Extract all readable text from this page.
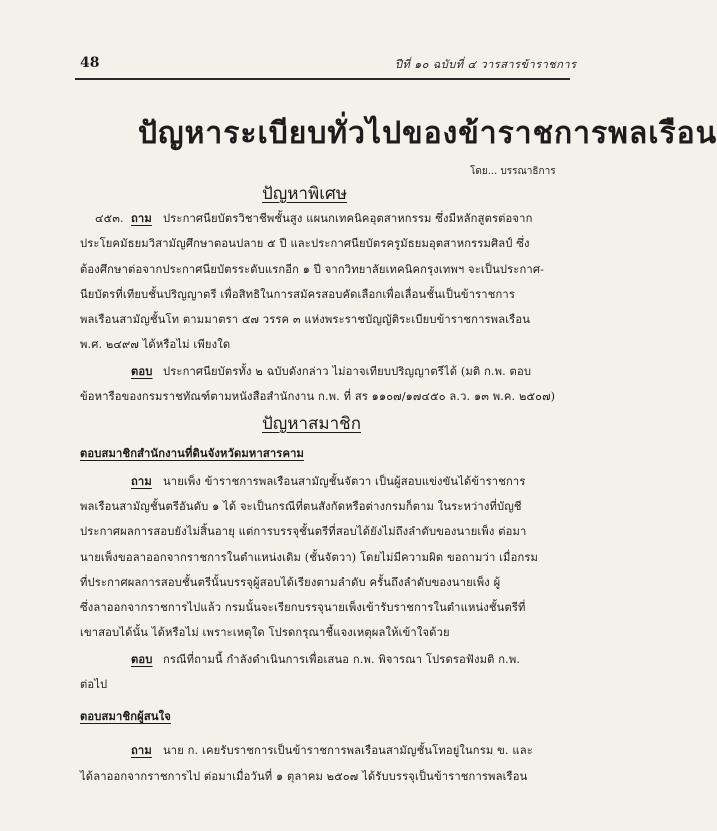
48	ปีที่ ๑๐ ฉบับที่ ๔ วารสารข้าราชการ
ปัญหาระเบียบทั่วไปของข้าราชการพลเรือน
โดย... บรรณาธิการ
ปัญหาพิเศษ
๔๕๓. ถาม ประกาศนียบัตรวิชาชีพชั้นสูง แผนกเทคนิคอุตสาหกรรม ซึ่งมีหลักสูตรต่อจาก
ประโยคมัธยมวิสามัญศึกษาตอนปลาย ๕ ปี และประกาศนียบัตรครูมัธยมอุตสาหกรรมศิลป์ ซึ่ง
ต้องศึกษาต่อจากประกาศนียบัตรระดับแรกอีก ๑ ปี จากวิทยาลัยเทคนิคกรุงเทพฯ จะเป็นประกาศ-
นียบัตรที่เทียบชั้นปริญญาตรี เพื่อสิทธิในการสมัครสอบคัดเลือกเพื่อเลื่อนชั้นเป็นข้าราชการ
พลเรือนสามัญชั้นโท ตามมาตรา ๕๗ วรรค ๓ แห่งพระราชบัญญัติระเบียบข้าราชการพลเรือน
พ.ศ. ๒๔๙๗ ได้หรือไม่ เพียงใด
ตอบ ประกาศนียบัตรทั้ง ๒ ฉบับดังกล่าว ไม่อาจเทียบปริญญาตรีได้ (มติ ก.พ. ตอบ
ข้อหารือของกรมราชทัณฑ์ตามหนังสือสำนักงาน ก.พ. ที่ สร ๑๑๐๗/๑๗๔๕๐ ล.ว. ๑๓ พ.ค. ๒๕๐๗)
ปัญหาสมาชิก
ตอบสมาชิกสำนักงานที่ดินจังหวัดมหาสารคาม
ถาม นายเพ็ง ข้าราชการพลเรือนสามัญชั้นจัตวา เป็นผู้สอบแข่งขันได้ข้าราชการ
พลเรือนสามัญชั้นตรีอันดับ ๑ ได้ จะเป็นกรณีที่ตนสังกัดหรือต่างกรมก็ตาม ในระหว่างที่บัญชี
ประกาศผลการสอบยังไม่สิ้นอายุ แต่การบรรจุชั้นตรีที่สอบได้ยังไม่ถึงลำดับของนายเพ็ง ต่อมา
นายเพ็งขอลาออกจากราชการในตำแหน่งเดิม (ชั้นจัตวา) โดยไม่มีความผิด ขอถามว่า เมื่อกรม
ที่ประกาศผลการสอบชั้นตรีนั้นบรรจุผู้สอบได้เรียงตามลำดับ ครั้นถึงลำดับของนายเพ็ง ผู้
ซึ่งลาออกจากราชการไปแล้ว กรมนั้นจะเรียกบรรจุนายเพ็งเข้ารับราชการในตำแหน่งชั้นตรีที่
เขาสอบได้นั้น ได้หรือไม่ เพราะเหตุใด โปรดกรุณาชี้แจงเหตุผลให้เข้าใจด้วย
ตอบ กรณีที่ถามนี้ กำลังดำเนินการเพื่อเสนอ ก.พ. พิจารณา โปรดรอฟังมติ ก.พ.
ต่อไป
ตอบสมาชิกผู้สนใจ
ถาม นาย ก. เคยรับราชการเป็นข้าราชการพลเรือนสามัญชั้นโทอยู่ในกรม ข. และ
ได้ลาออกจากราชการไป ต่อมาเมื่อวันที่ ๑ ตุลาคม ๒๕๐๗ ได้รับบรรจุเป็นข้าราชการพลเรือน
